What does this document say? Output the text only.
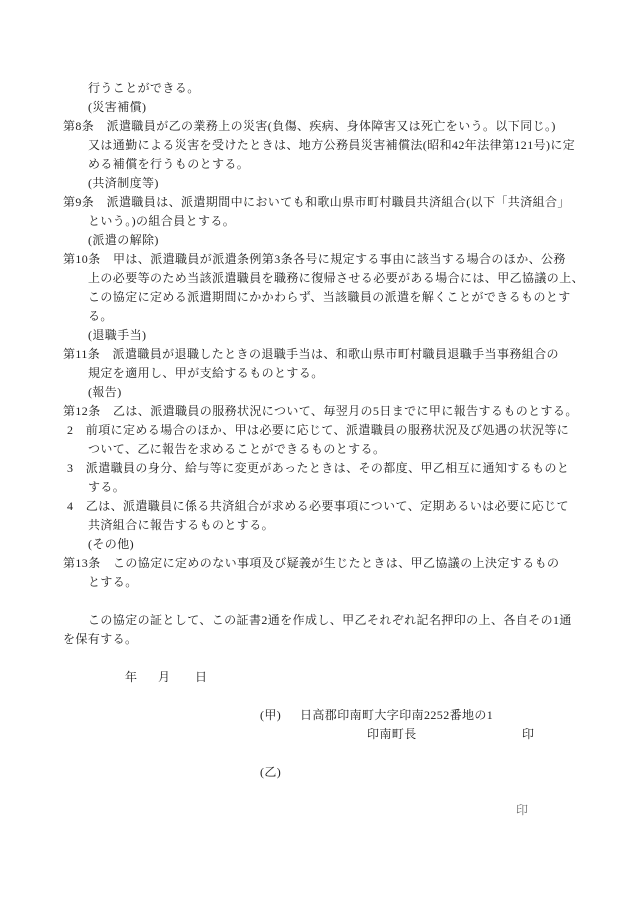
行うことができる。
(災害補償)
第8条　派遣職員が乙の業務上の災害(負傷、疾病、身体障害又は死亡をいう。以下同じ。)
又は通勤による災害を受けたときは、地方公務員災害補償法(昭和42年法律第121号)に定
める補償を行うものとする。
(共済制度等)
第9条　派遣職員は、派遣期間中においても和歌山県市町村職員共済組合(以下「共済組合」
という。)の組合員とする。
(派遣の解除)
第10条　甲は、派遣職員が派遣条例第3条各号に規定する事由に該当する場合のほか、公務
上の必要等のため当該派遣職員を職務に復帰させる必要がある場合には、甲乙協議の上、
この協定に定める派遣期間にかかわらず、当該職員の派遣を解くことができるものとす
る。
(退職手当)
第11条　派遣職員が退職したときの退職手当は、和歌山県市町村職員退職手当事務組合の
規定を適用し、甲が支給するものとする。
(報告)
第12条　乙は、派遣職員の服務状況について、毎翌月の5日までに甲に報告するものとする。
2　前項に定める場合のほか、甲は必要に応じて、派遣職員の服務状況及び処遇の状況等に
ついて、乙に報告を求めることができるものとする。
3　派遣職員の身分、給与等に変更があったときは、その都度、甲乙相互に通知するものと
する。
4　乙は、派遣職員に係る共済組合が求める必要事項について、定期あるいは必要に応じて
共済組合に報告するものとする。
(その他)
第13条　この協定に定めのない事項及び疑義が生じたときは、甲乙協議の上決定するもの
とする。
この協定の証として、この証書2通を作成し、甲乙それぞれ記名押印の上、各自その1通
を保有する。
年 月 日
(甲) 日高郡印南町大字印南2252番地の1
印南町長	印
(乙)
印
